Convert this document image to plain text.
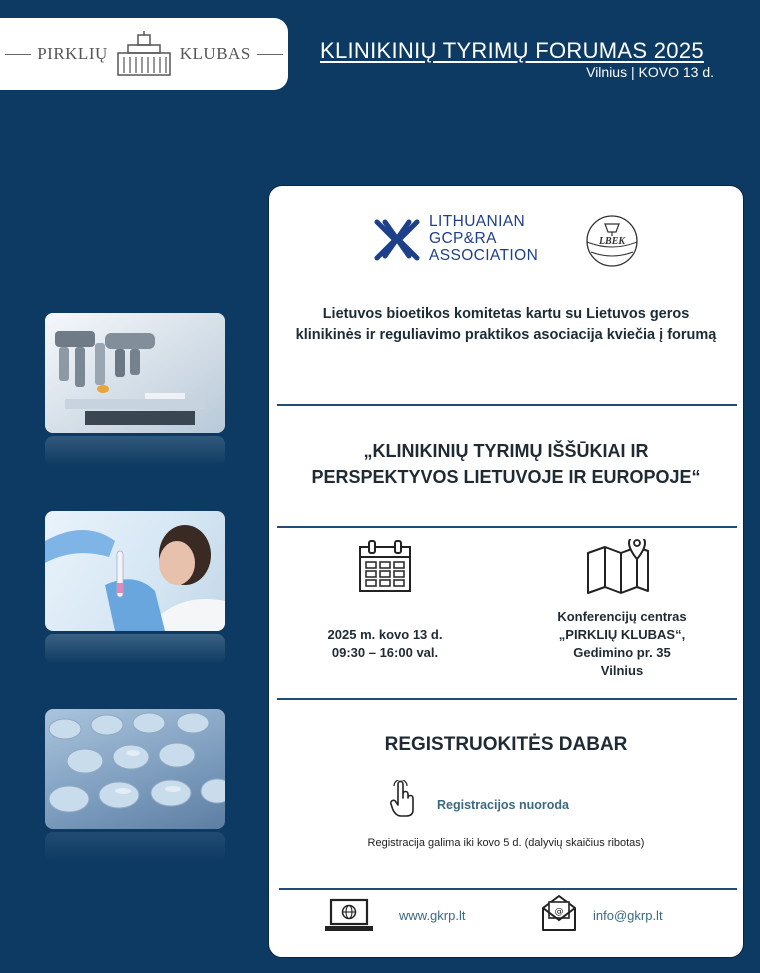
PIRKLIŲ	KLUBAS	KLINIKINIŲ TYRIMŲ FORUMAS 2025
Vilnius | KOVO 13 d.
LITHUANIAN
GCP&RA
ASSOCIATION
LBEK
Lietuvos bioetikos komitetas kartu su Lietuvos geros klinikinės ir reguliavimo praktikos asociacija kviečia į forumą
„KLINIKINIŲ TYRIMŲ IŠŠŪKIAI IR
PERSPEKTYVOS LIETUVOJE IR EUROPOJE“
2025 m. kovo 13 d.
09:30 – 16:00 val.
Konferencijų centras
„PIRKLIŲ KLUBAS“,
Gedimino pr. 35
Vilnius
REGISTRUOKITĖS DABAR
Registracijos nuoroda
Registracija galima iki kovo 5 d. (dalyvių skaičius ribotas)
www.gkrp.lt	@ info@gkrp.lt
